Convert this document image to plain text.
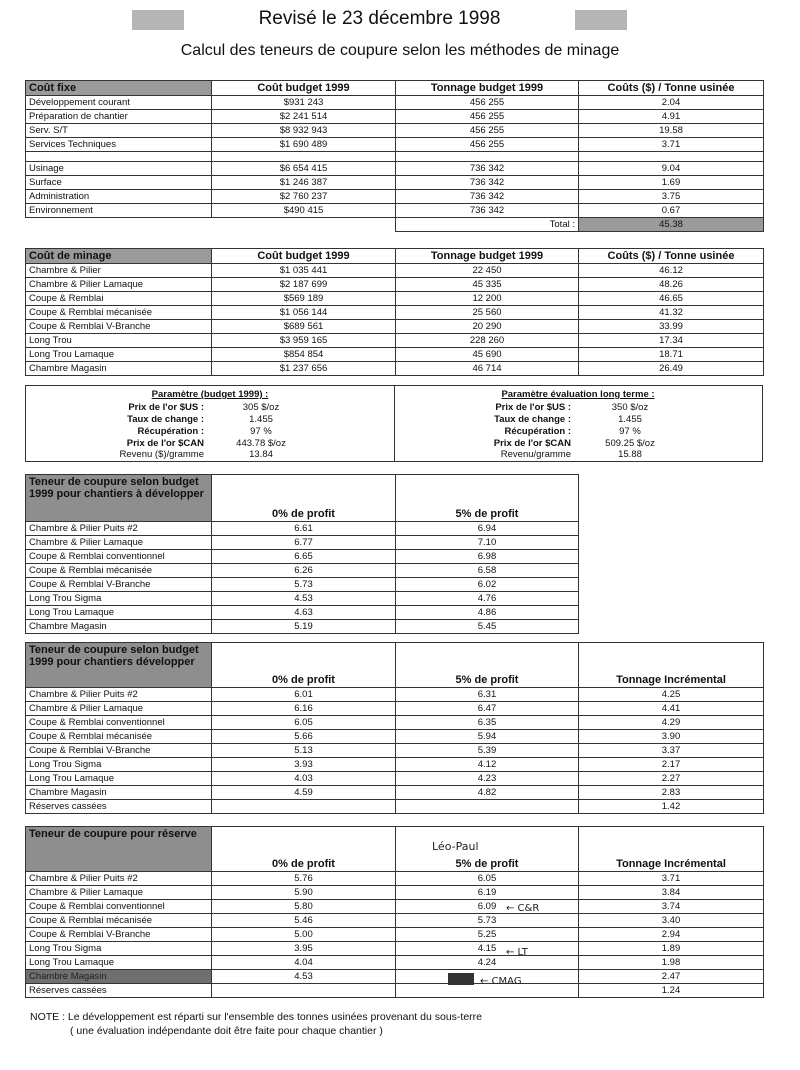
Revisé le 23 décembre 1998
Calcul des teneurs de coupure selon les méthodes de minage
Coût fixe	Coût budget 1999	Tonnage budget 1999	Coûts ($) / Tonne usinée
Développement courant	$931 243	456 255	2.04
Préparation de chantier	$2 241 514	456 255	4.91
Serv. S/T	$8 932 943	456 255	19.58
Services Techniques	$1 690 489	456 255	3.71

Usinage	$6 654 415	736 342	9.04
Surface	$1 246 387	736 342	1.69
Administration	$2 760 237	736 342	3.75
Environnement	$490 415	736 342	0.67
		Total :	45.38
Coût de minage	Coût budget 1999	Tonnage budget 1999	Coûts ($) / Tonne usinée
Chambre & Pilier	$1 035 441	22 450	46.12
Chambre & Pilier Lamaque	$2 187 699	45 335	48.26
Coupe & Remblai	$569 189	12 200	46.65
Coupe & Remblai mécanisée	$1 056 144	25 560	41.32
Coupe & Remblai V-Branche	$689 561	20 290	33.99
Long Trou	$3 959 165	228 260	17.34
Long Trou Lamaque	$854 854	45 690	18.71
Chambre Magasin	$1 237 656	46 714	26.49
Paramètre (budget 1999) :
Prix de l'or $US :	305 $/oz
Taux de change :	1.455
Récupération :	97 %
Prix de l'or $CAN	443.78 $/oz
Revenu ($)/gramme	13.84
Paramètre évaluation long terme :
Prix de l'or $US :	350 $/oz
Taux de change :	1.455
Récupération :	97 %
Prix de l'or $CAN	509.25 $/oz
Revenu/gramme	15.88
Teneur de coupure selon budget 1999 pour chantiers à développer	0% de profit	5% de profit
Chambre & Pilier Puits #2	6.61	6.94
Chambre & Pilier Lamaque	6.77	7.10
Coupe & Remblai conventionnel	6.65	6.98
Coupe & Remblai mécanisée	6.26	6.58
Coupe & Remblai V-Branche	5.73	6.02
Long Trou Sigma	4.53	4.76
Long Trou Lamaque	4.63	4.86
Chambre Magasin	5.19	5.45
Teneur de coupure selon budget 1999 pour chantiers développer	0% de profit	5% de profit	Tonnage Incrémental
Chambre & Pilier Puits #2	6.01	6.31	4.25
Chambre & Pilier Lamaque	6.16	6.47	4.41
Coupe & Remblai conventionnel	6.05	6.35	4.29
Coupe & Remblai mécanisée	5.66	5.94	3.90
Coupe & Remblai V-Branche	5.13	5.39	3.37
Long Trou Sigma	3.93	4.12	2.17
Long Trou Lamaque	4.03	4.23	2.27
Chambre Magasin	4.59	4.82	2.83
Réserves cassées			1.42
Teneur de coupure pour réserve	0% de profit	5% de profit	Tonnage Incrémental
Chambre & Pilier Puits #2	5.76	6.05	3.71
Chambre & Pilier Lamaque	5.90	6.19	3.84
Coupe & Remblai conventionnel	5.80	6.09	3.74
Coupe & Remblai mécanisée	5.46	5.73	3.40
Coupe & Remblai V-Branche	5.00	5.25	2.94
Long Trou Sigma	3.95	4.15	1.89
Long Trou Lamaque	4.04	4.24	1.98
Chambre Magasin	4.53		2.47
Réserves cassées			1.24
Léo-Paul
← C&R
← LT
← CMAG
NOTE : Le développement est réparti sur l'ensemble des tonnes usinées provenant du sous-terre
( une évaluation indépendante doit être faite pour chaque chantier )
